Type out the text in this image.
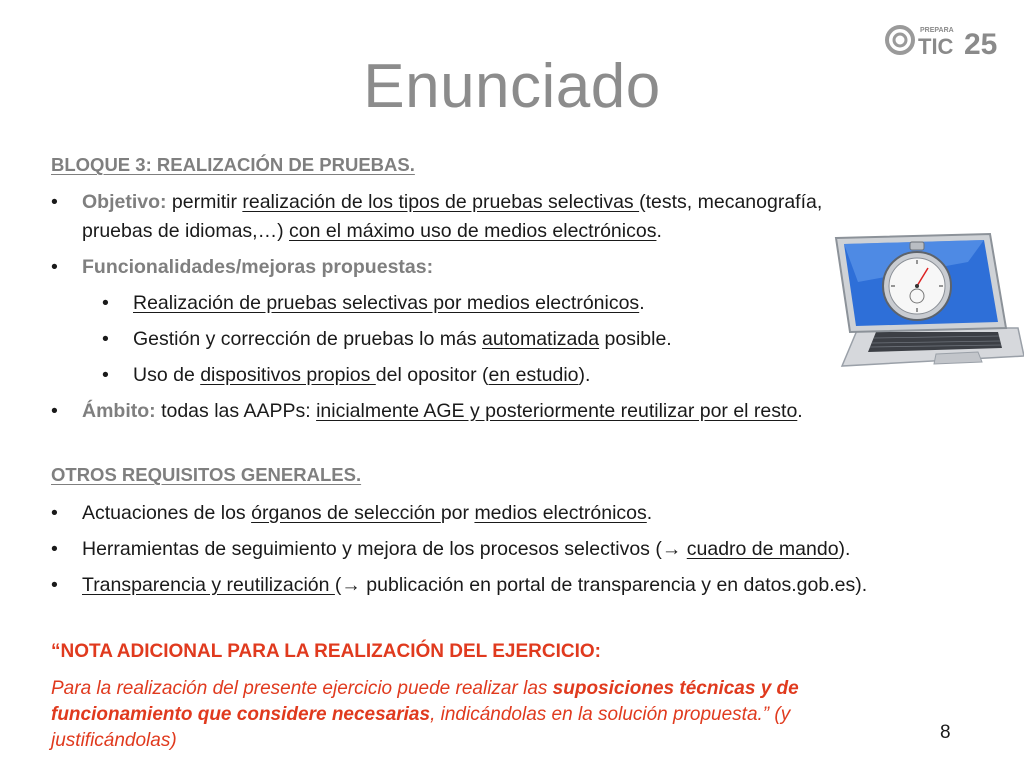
Enunciado
PREPARA
TIC 25
BLOQUE 3: REALIZACIÓN DE PRUEBAS.
• Objetivo: permitir realización de los tipos de pruebas selectivas (tests, mecanografía,
pruebas de idiomas,…) con el máximo uso de medios electrónicos.
• Funcionalidades/mejoras propuestas:
• Realización de pruebas selectivas por medios electrónicos.
• Gestión y corrección de pruebas lo más automatizada posible.
• Uso de dispositivos propios del opositor (en estudio).
• Ámbito: todas las AAPPs: inicialmente AGE y posteriormente reutilizar por el resto.
OTROS REQUISITOS GENERALES.
• Actuaciones de los órganos de selección por medios electrónicos.
• Herramientas de seguimiento y mejora de los procesos selectivos (→ cuadro de mando).
• Transparencia y reutilización (→ publicación en portal de transparencia y en datos.gob.es).
“NOTA ADICIONAL PARA LA REALIZACIÓN DEL EJERCICIO:
Para la realización del presente ejercicio puede realizar las suposiciones técnicas y de
funcionamiento que considere necesarias, indicándolas en la solución propuesta.” (y
justificándolas)	8
